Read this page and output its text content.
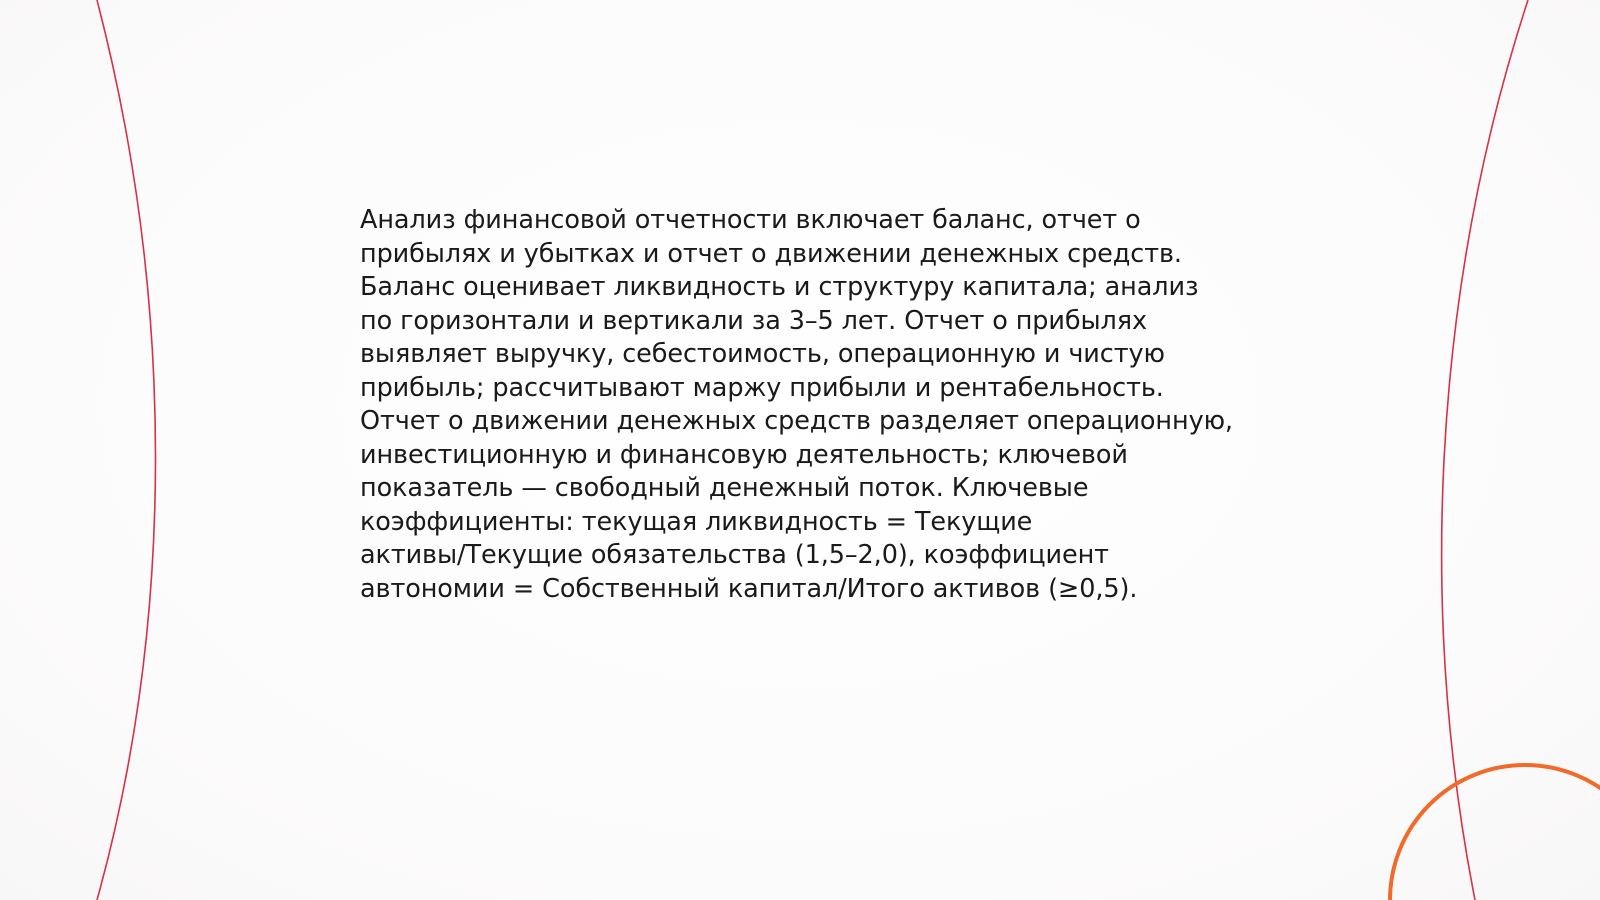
Анализ финансовой отчетности включает баланс, отчет о
прибылях и убытках и отчет о движении денежных средств.
Баланс оценивает ликвидность и структуру капитала; анализ
по горизонтали и вертикали за 3–5 лет. Отчет о прибылях
выявляет выручку, себестоимость, операционную и чистую
прибыль; рассчитывают маржу прибыли и рентабельность.
Отчет о движении денежных средств разделяет операционную,
инвестиционную и финансовую деятельность; ключевой
показатель — свободный денежный поток. Ключевые
коэффициенты: текущая ликвидность = Текущие
активы/Текущие обязательства (1,5–2,0), коэффициент
автономии = Собственный капитал/Итого активов (≥0,5).
